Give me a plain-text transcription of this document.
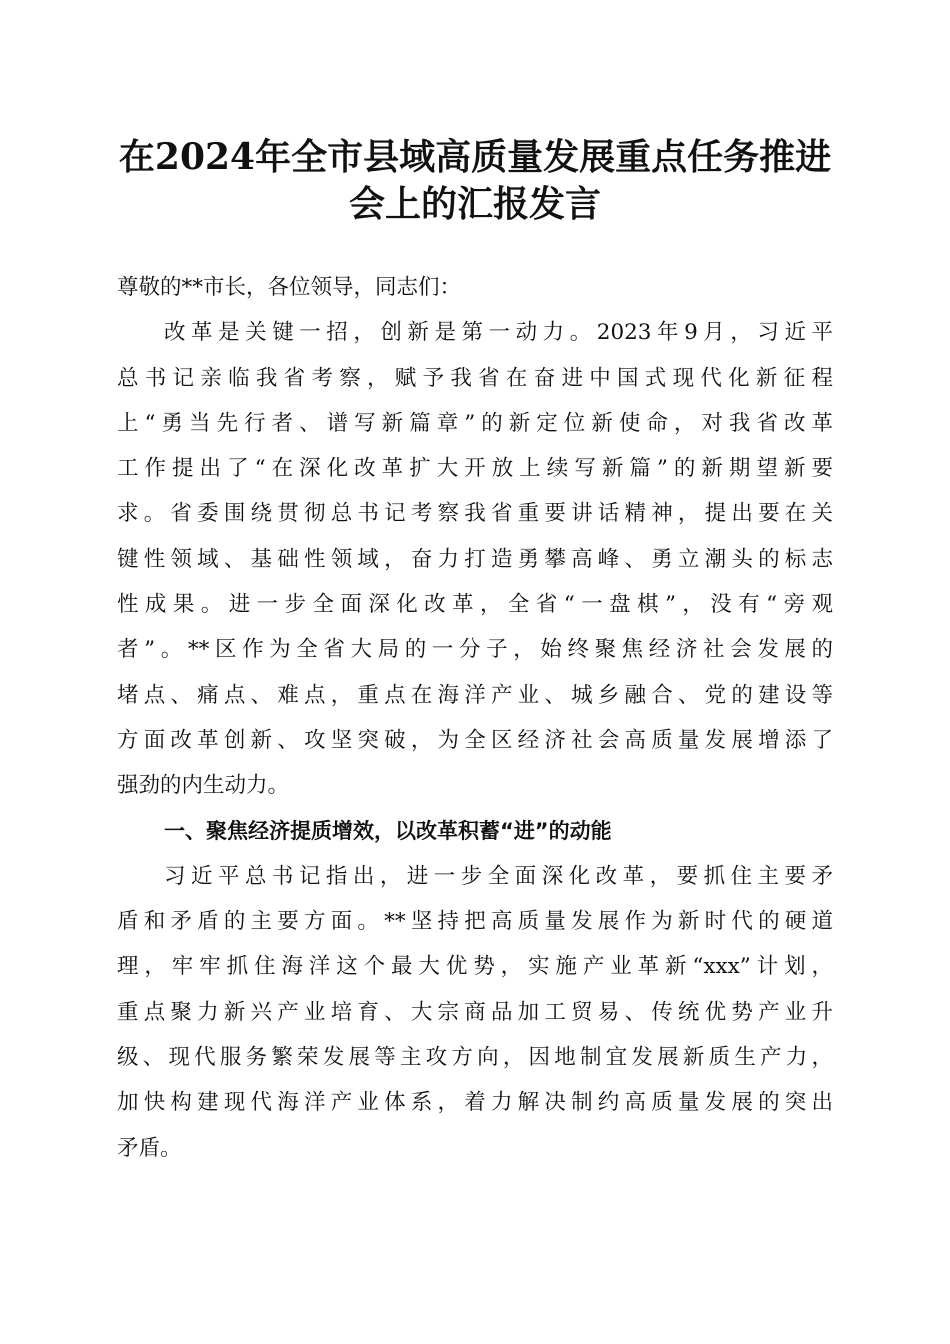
在2024年全市县域高质量发展重点任务推进
会上的汇报发言
尊敬的**市长，各位领导，同志们：
改革是关键一招，创新是第一动力。2023年9月，习近平
总书记亲临我省考察，赋予我省在奋进中国式现代化新征程
上“勇当先行者、谱写新篇章”的新定位新使命，对我省改革
工作提出了“在深化改革扩大开放上续写新篇”的新期望新要
求。省委围绕贯彻总书记考察我省重要讲话精神，提出要在关
键性领域、基础性领域，奋力打造勇攀高峰、勇立潮头的标志
性成果。进一步全面深化改革，全省“一盘棋”，没有“旁观
者”。**区作为全省大局的一分子，始终聚焦经济社会发展的
堵点、痛点、难点，重点在海洋产业、城乡融合、党的建设等
方面改革创新、攻坚突破，为全区经济社会高质量发展增添了
强劲的内生动力。
一、聚焦经济提质增效，以改革积蓄“进”的动能
习近平总书记指出，进一步全面深化改革，要抓住主要矛
盾和矛盾的主要方面。**坚持把高质量发展作为新时代的硬道
理，牢牢抓住海洋这个最大优势，实施产业革新“xxx”计划，
重点聚力新兴产业培育、大宗商品加工贸易、传统优势产业升
级、现代服务繁荣发展等主攻方向，因地制宜发展新质生产力，
加快构建现代海洋产业体系，着力解决制约高质量发展的突出
矛盾。
